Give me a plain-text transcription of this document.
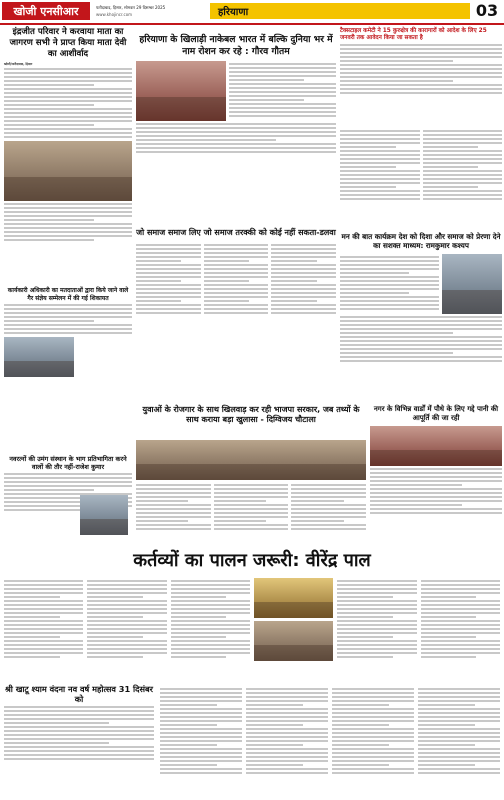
खोजी एनसीआर	फरीदाबाद, हिसार, सोमवार 29 दिसम्बर 2025
www.khojincr.com	हरियाणा	03
इंद्रजीत परिवार ने करवाया माता का जागरण सभी ने प्राप्त किया माता देवी का आशीर्वाद
खोजी/फरीदाबाद, हिसार
कार्यकारी अधिकारी का मतदाताओं द्वारा किये जाने वाले गैर संज्ञेय सम्मेलन में की गई शिकायत
नवरत्नों की उमंग संस्थान के भाग प्रतिभागिता करने वालों की तौर नहीं-राजेश कुमार
हरियाणा के खिलाड़ी नाकेबल भारत में बल्कि दुनिया भर में नाम रोशन कर रहे : गौरव गौतम
जो समाज समाज लिए जो समाज तरक्की को कोई नहीं सकता-डलवा
युवाओं के रोजगार के साथ खिलवाड़ कर रही भाजपा सरकार, जब तथ्यों के साथ कराया बड़ा खुलासा - दिग्विजय चौटाला
टैक्सटाइल कमेटी ने 15 कुरुक्षेत्र की कारागारों को आदेश के लिए 25 जनवरी तक आवेदन किया जा सकता है
मन की बात कार्यक्रम देश को दिशा और समाज को प्रेरणा देने का सशक्त माध्यम: रामकुमार कश्यप
नगर के विभिन्न वार्डों में पौधे के लिए गद्दे पानी की आपूर्ति की जा रही
कर्तव्यों का पालन जरूरी: वीरेंद्र पाल
श्री खाटू श्याम वंदना नव वर्ष महोत्सव 31 दिसंबर को
